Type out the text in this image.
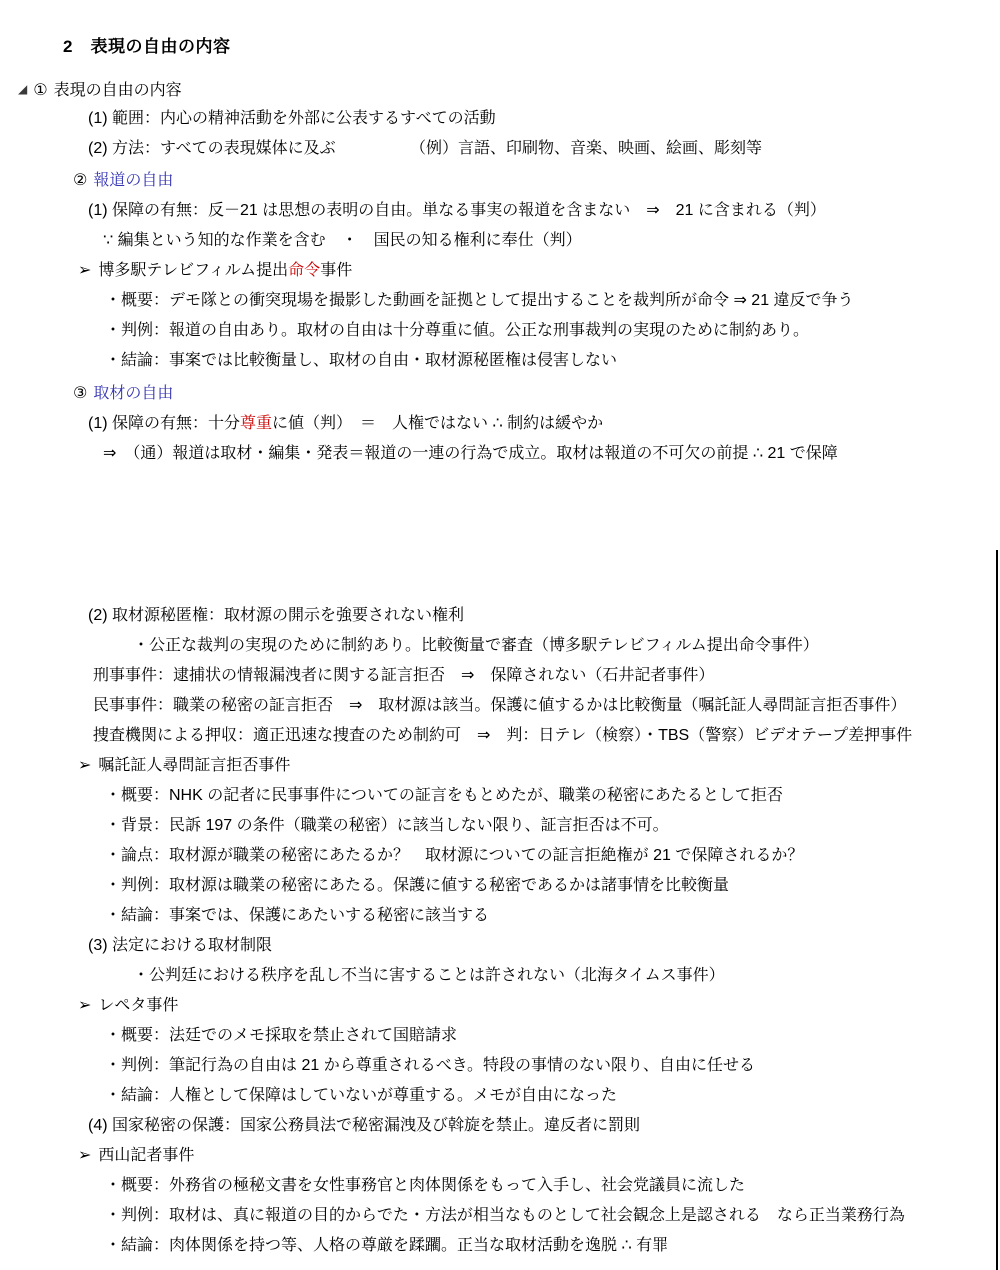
2　表現の自由の内容
◢ ① 表現の自由の内容
(1) 範囲：内心の精神活動を外部に公表するすべての活動
(2) 方法：すべての表現媒体に及ぶ	（例）言語、印刷物、音楽、映画、絵画、彫刻等
② 報道の自由
(1) 保障の有無：反－21 は思想の表明の自由。単なる事実の報道を含まない　⇒　21 に含まれる（判）
∵ 編集という知的な作業を含む　・　国民の知る権利に奉仕（判）
➢ 博多駅テレビフィルム提出命令事件
・概要：デモ隊との衝突現場を撮影した動画を証拠として提出することを裁判所が命令 ⇒ 21 違反で争う
・判例：報道の自由あり。取材の自由は十分尊重に値。公正な刑事裁判の実現のために制約あり。
・結論：事案では比較衡量し、取材の自由・取材源秘匿権は侵害しない
③ 取材の自由
(1) 保障の有無：十分尊重に値（判）　＝　人権ではない ∴ 制約は緩やか
⇒　（通）報道は取材・編集・発表＝報道の一連の行為で成立。取材は報道の不可欠の前提 ∴ 21 で保障
(2) 取材源秘匿権：取材源の開示を強要されない権利
・公正な裁判の実現のために制約あり。比較衡量で審査（博多駅テレビフィルム提出命令事件）
刑事事件：逮捕状の情報漏洩者に関する証言拒否　⇒　保障されない（石井記者事件）
民事事件：職業の秘密の証言拒否　⇒　取材源は該当。保護に値するかは比較衡量（嘱託証人尋問証言拒否事件）
捜査機関による押収：適正迅速な捜査のため制約可　⇒　判：日テレ（検察）・TBS（警察）ビデオテープ差押事件
➢ 嘱託証人尋問証言拒否事件
・概要：NHK の記者に民事事件についての証言をもとめたが、職業の秘密にあたるとして拒否
・背景：民訴 197 の条件（職業の秘密）に該当しない限り、証言拒否は不可。
・論点：取材源が職業の秘密にあたるか？　取材源についての証言拒絶権が 21 で保障されるか？
・判例：取材源は職業の秘密にあたる。保護に値する秘密であるかは諸事情を比較衡量
・結論：事案では、保護にあたいする秘密に該当する
(3) 法定における取材制限
・公判廷における秩序を乱し不当に害することは許されない（北海タイムス事件）
➢ レペタ事件
・概要：法廷でのメモ採取を禁止されて国賠請求
・判例：筆記行為の自由は 21 から尊重されるべき。特段の事情のない限り、自由に任せる
・結論：人権として保障はしていないが尊重する。メモが自由になった
(4) 国家秘密の保護：国家公務員法で秘密漏洩及び斡旋を禁止。違反者に罰則
➢ 西山記者事件
・概要：外務省の極秘文書を女性事務官と肉体関係をもって入手し、社会党議員に流した
・判例：取材は、真に報道の目的からでた・方法が相当なものとして社会観念上是認される　なら正当業務行為
・結論：肉体関係を持つ等、人格の尊厳を蹂躙。正当な取材活動を逸脱 ∴ 有罪
